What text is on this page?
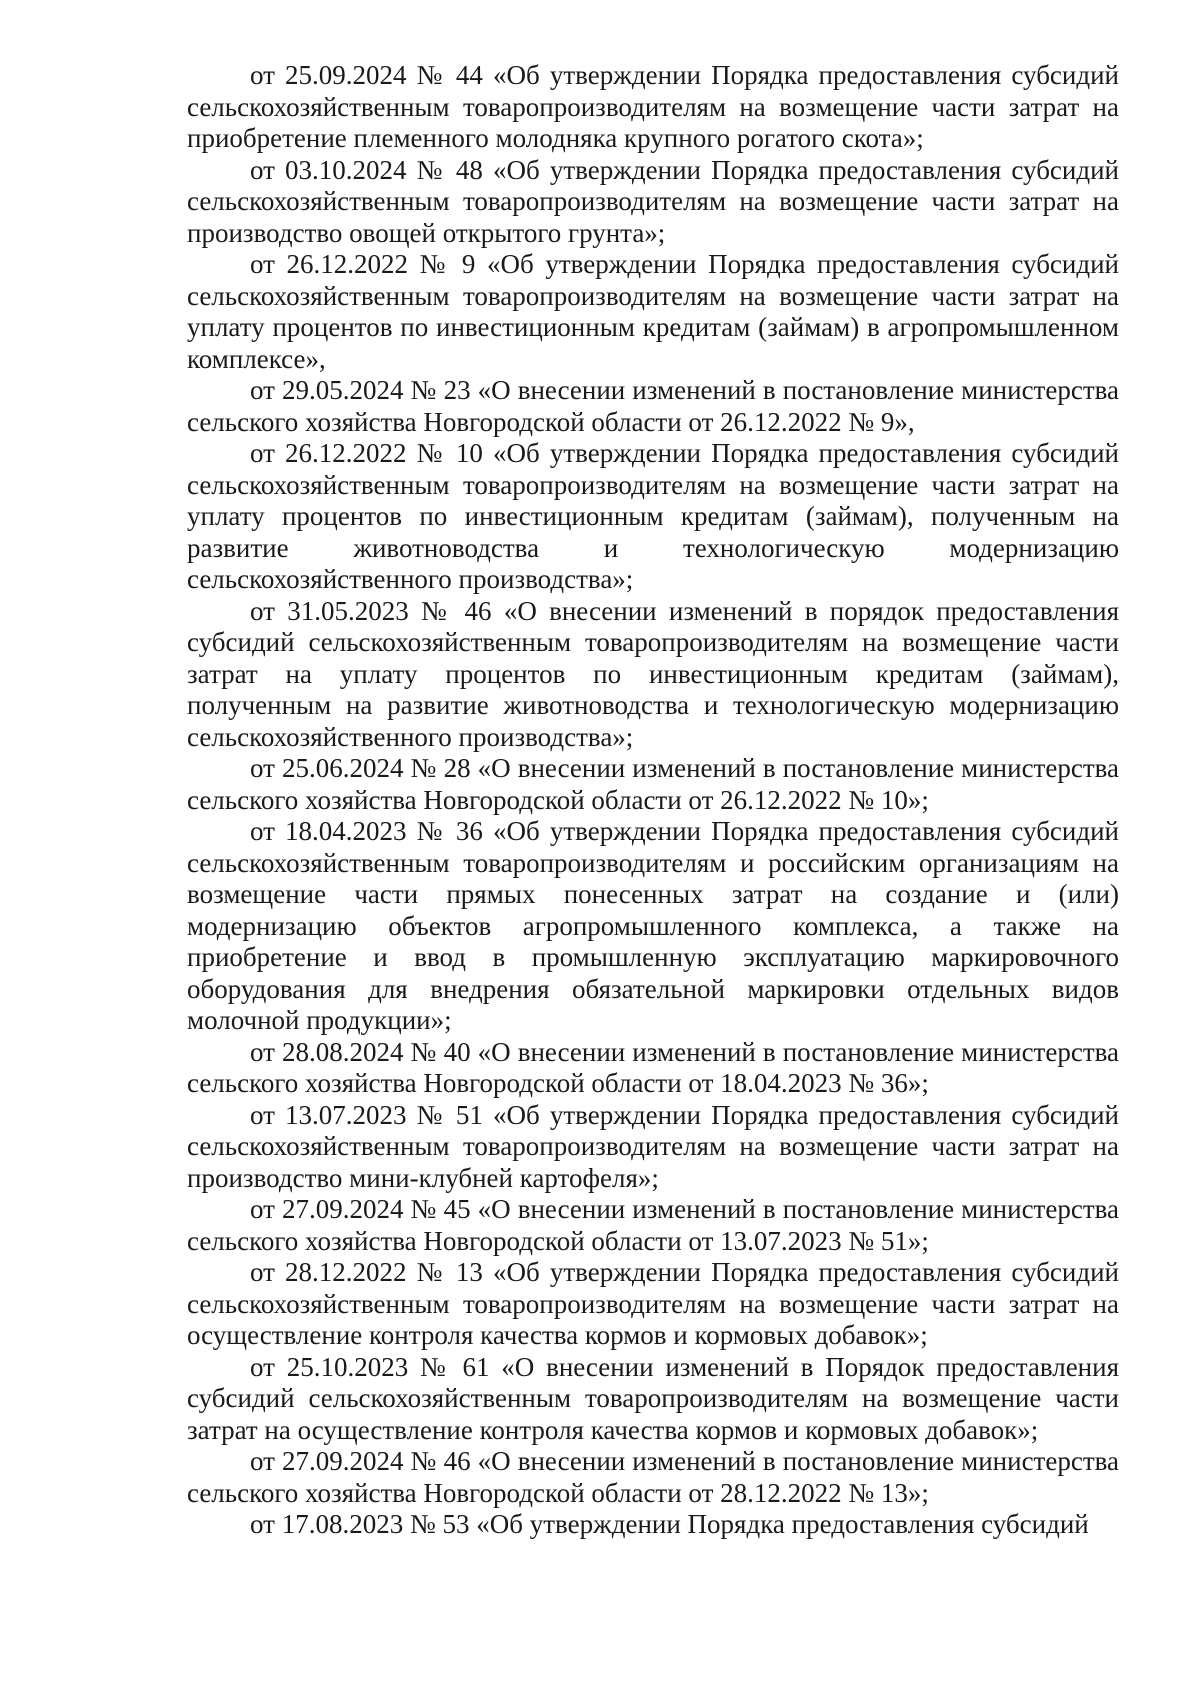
от 25.09.2024 № 44 «Об утверждении Порядка предоставления субсидий сельскохозяйственным товаропроизводителям на возмещение части затрат на приобретение племенного молодняка крупного рогатого скота»;

от 03.10.2024 № 48 «Об утверждении Порядка предоставления субсидий сельскохозяйственным товаропроизводителям на возмещение части затрат на производство овощей открытого грунта»;

от 26.12.2022 № 9 «Об утверждении Порядка предоставления субсидий сельскохозяйственным товаропроизводителям на возмещение части затрат на уплату процентов по инвестиционным кредитам (займам) в агропромышленном комплексе»,

от 29.05.2024 № 23 «О внесении изменений в постановление министерства сельского хозяйства Новгородской области от 26.12.2022 № 9»,

от 26.12.2022 № 10 «Об утверждении Порядка предоставления субсидий сельскохозяйственным товаропроизводителям на возмещение части затрат на уплату процентов по инвестиционным кредитам (займам), полученным на развитие животноводства и технологическую модернизацию сельскохозяйственного производства»;

от 31.05.2023 № 46 «О внесении изменений в порядок предоставления субсидий сельскохозяйственным товаропроизводителям на возмещение части затрат на уплату процентов по инвестиционным кредитам (займам), полученным на развитие животноводства и технологическую модернизацию сельскохозяйственного производства»;

от 25.06.2024 № 28 «О внесении изменений в постановление министерства сельского хозяйства Новгородской области от 26.12.2022 № 10»;

от 18.04.2023 № 36 «Об утверждении Порядка предоставления субсидий сельскохозяйственным товаропроизводителям и российским организациям на возмещение части прямых понесенных затрат на создание и (или) модернизацию объектов агропромышленного комплекса, а также на приобретение и ввод в промышленную эксплуатацию маркировочного оборудования для внедрения обязательной маркировки отдельных видов молочной продукции»;

от 28.08.2024 № 40 «О внесении изменений в постановление министерства сельского хозяйства Новгородской области от 18.04.2023 № 36»;

от 13.07.2023 № 51 «Об утверждении Порядка предоставления субсидий сельскохозяйственным товаропроизводителям на возмещение части затрат на производство мини-клубней картофеля»;

от 27.09.2024 № 45 «О внесении изменений в постановление министерства сельского хозяйства Новгородской области от 13.07.2023 № 51»;

от 28.12.2022 № 13 «Об утверждении Порядка предоставления субсидий сельскохозяйственным товаропроизводителям на возмещение части затрат на осуществление контроля качества кормов и кормовых добавок»;

от 25.10.2023 № 61 «О внесении изменений в Порядок предоставления субсидий сельскохозяйственным товаропроизводителям на возмещение части затрат на осуществление контроля качества кормов и кормовых добавок»;

от 27.09.2024 № 46 «О внесении изменений в постановление министерства сельского хозяйства Новгородской области от 28.12.2022 № 13»;

от 17.08.2023 № 53 «Об утверждении Порядка предоставления субсидий
